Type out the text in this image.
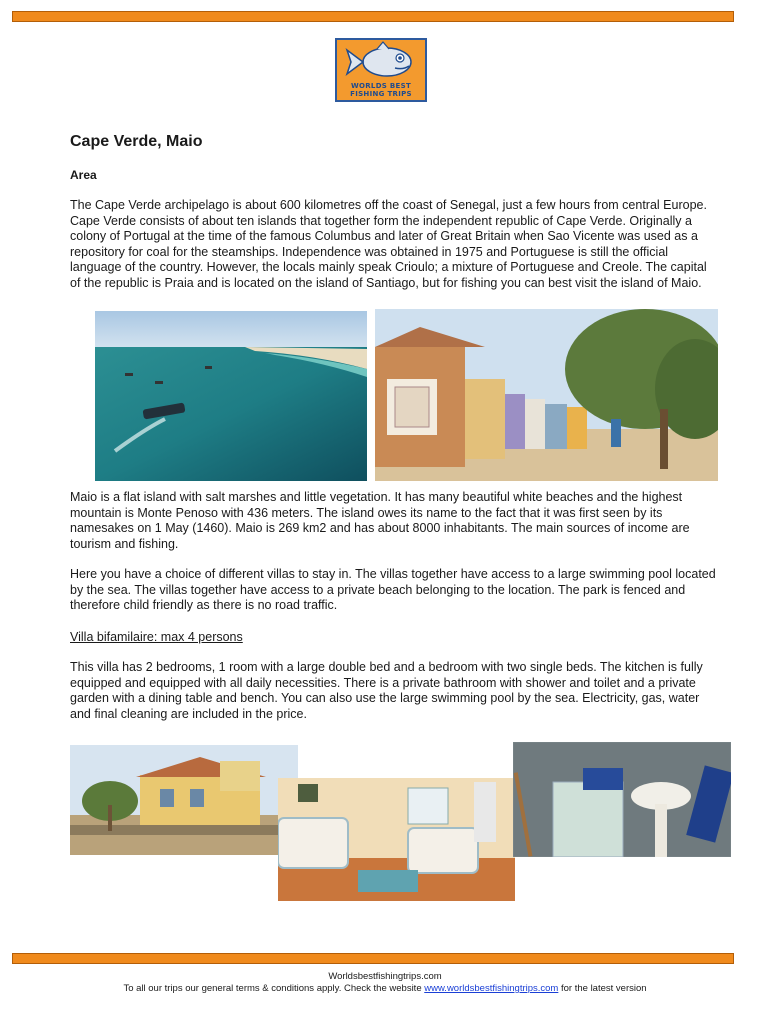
WORLDS BEST
FISHING TRIPS
Cape Verde, Maio
Area

The Cape Verde archipelago is about 600 kilometres off the coast of Senegal, just a few hours from central Europe. Cape Verde consists of about ten islands that together form the independent republic of Cape Verde. Originally a colony of Portugal at the time of the famous Columbus and later of Great Britain when Sao Vicente was used as a repository for coal for the steamships. Independence was obtained in 1975 and Portuguese is still the official language of the country. However, the locals mainly speak Crioulo; a mixture of Portuguese and Creole. The capital of the republic is Praia and is located on the island of Santiago, but for fishing you can best visit the island of Maio.

Maio is a flat island with salt marshes and little vegetation. It has many beautiful white beaches and the highest mountain is Monte Penoso with 436 meters. The island owes its name to the fact that it was first seen by its namesakes on 1 May (1460). Maio is 269 km2 and has about 8000 inhabitants. The main sources of income are tourism and fishing.

Here you have a choice of different villas to stay in. The villas together have access to a large swimming pool located by the sea. The villas together have access to a private beach belonging to the location. The park is fenced and therefore child friendly as there is no road traffic.

Villa bifamilaire: max 4 persons

This villa has 2 bedrooms, 1 room with a large double bed and a bedroom with two single beds. The kitchen is fully equipped and equipped with all daily necessities. There is a private bathroom with shower and toilet and a private garden with a dining table and bench. You can also use the large swimming pool by the sea. Electricity, gas, water and final cleaning are included in the price.

Worldsbestfishingtrips.com
To all our trips our general terms & conditions apply. Check the website www.worldsbestfishingtrips.com for the latest version
